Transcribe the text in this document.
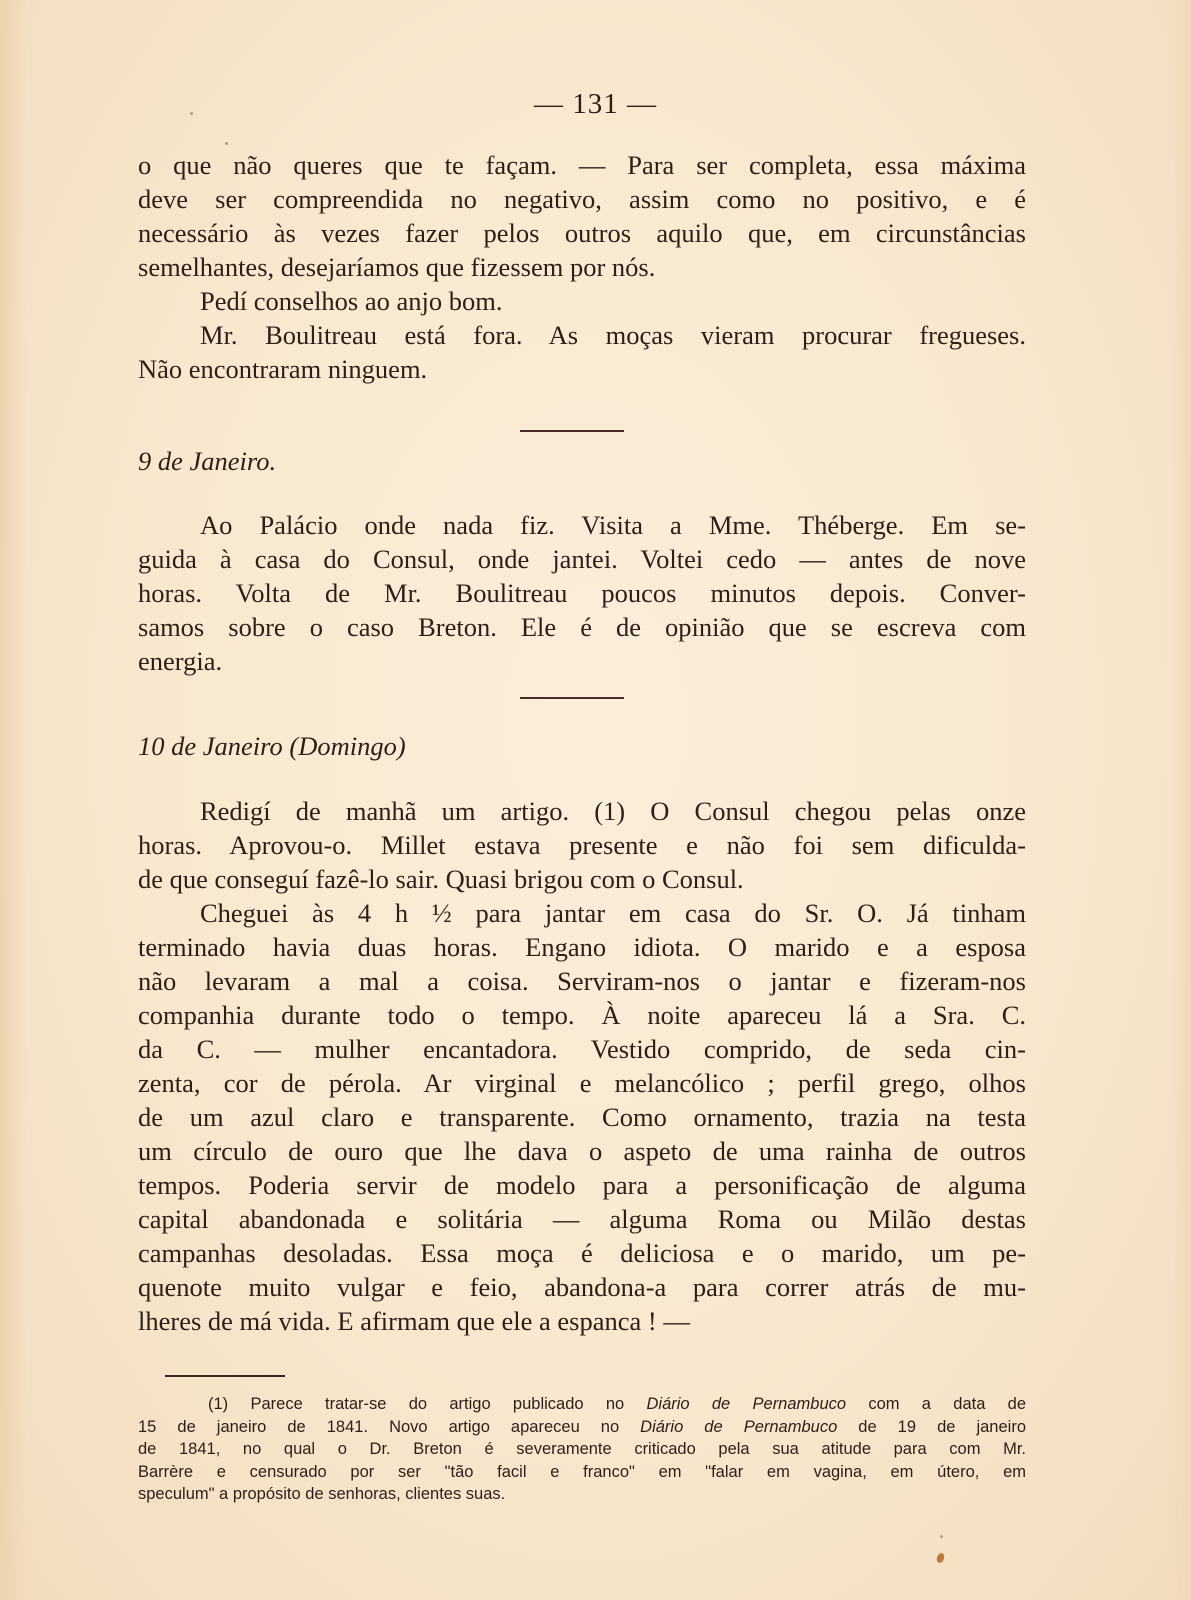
— 131 —
o que não queres que te façam. — Para ser completa, essa máxima
deve ser compreendida no negativo, assim como no positivo, e é
necessário às vezes fazer pelos outros aquilo que, em circunstâncias
semelhantes, desejaríamos que fizessem por nós.
Pedí conselhos ao anjo bom.
Mr. Boulitreau está fora. As moças vieram procurar fregueses.
Não encontraram ninguem.
9 de Janeiro.
Ao Palácio onde nada fiz. Visita a Mme. Théberge. Em se-
guida à casa do Consul, onde jantei. Voltei cedo — antes de nove
horas. Volta de Mr. Boulitreau poucos minutos depois. Conver-
samos sobre o caso Breton. Ele é de opinião que se escreva com
energia.
10 de Janeiro (Domingo)
Redigí de manhã um artigo. (1) O Consul chegou pelas onze
horas. Aprovou-o. Millet estava presente e não foi sem dificulda-
de que conseguí fazê-lo sair. Quasi brigou com o Consul.
Cheguei às 4 h ½ para jantar em casa do Sr. O. Já tinham
terminado havia duas horas. Engano idiota. O marido e a esposa
não levaram a mal a coisa. Serviram-nos o jantar e fizeram-nos
companhia durante todo o tempo. À noite apareceu lá a Sra. C.
da C. — mulher encantadora. Vestido comprido, de seda cin-
zenta, cor de pérola. Ar virginal e melancólico ; perfil grego, olhos
de um azul claro e transparente. Como ornamento, trazia na testa
um círculo de ouro que lhe dava o aspeto de uma rainha de outros
tempos. Poderia servir de modelo para a personificação de alguma
capital abandonada e solitária — alguma Roma ou Milão destas
campanhas desoladas. Essa moça é deliciosa e o marido, um pe-
quenote muito vulgar e feio, abandona-a para correr atrás de mu-
lheres de má vida. E afirmam que ele a espanca ! —
(1) Parece tratar-se do artigo publicado no Diário de Pernambuco com a data de
15 de janeiro de 1841. Novo artigo apareceu no Diário de Pernambuco de 19 de janeiro
de 1841, no qual o Dr. Breton é severamente criticado pela sua atitude para com Mr.
Barrère e censurado por ser "tão facil e franco" em "falar em vagina, em útero, em
speculum" a propósito de senhoras, clientes suas.
